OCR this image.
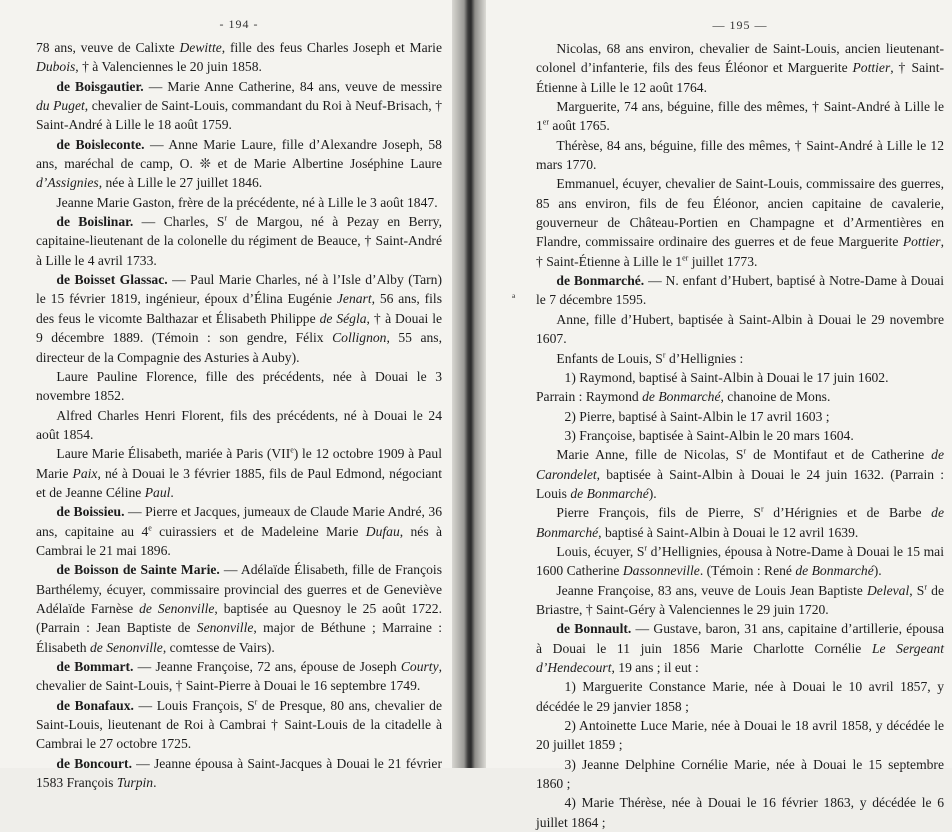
- 194 -

78 ans, veuve de Calixte Dewitte, fille des feus Charles Joseph et Marie Dubois, † à Valenciennes le 20 juin 1858.

de Boisgautier. — Marie Anne Catherine, 84 ans, veuve de messire du Puget, chevalier de Saint-Louis, commandant du Roi à Neuf-Brisach, † Saint-André à Lille le 18 août 1759.

de Boisleconte. — Anne Marie Laure, fille d’Alexandre Joseph, 58 ans, maréchal de camp, O. ❊ et de Marie Albertine Joséphine Laure d’Assignies, née à Lille le 27 juillet 1846.

Jeanne Marie Gaston, frère de la précédente, né à Lille le 3 août 1847.

de Boislinar. — Charles, $S^r$ de Margou, né à Pezay en Berry, capitaine-lieutenant de la colonelle du régiment de Beauce, † Saint-André à Lille le 4 avril 1733.

de Boisset Glassac. — Paul Marie Charles, né à l’Isle d’Alby (Tarn) le 15 février 1819, ingénieur, époux d’Élina Eugénie Jenart, 56 ans, fils des feus le vicomte Balthazar et Élisabeth Philippe de Ségla, † à Douai le 9 décembre 1889. (Témoin : son gendre, Félix Collignon, 55 ans, directeur de la Compagnie des Asturies à Auby).

Laure Pauline Florence, fille des précédents, née à Douai le 3 novembre 1852.

Alfred Charles Henri Florent, fils des précédents, né à Douai le 24 août 1854.

Laure Marie Élisabeth, mariée à Paris (VIIe) le 12 octobre 1909 à Paul Marie Paix, né à Douai le 3 février 1885, fils de Paul Edmond, négociant et de Jeanne Céline Paul.

de Boissieu. — Pierre et Jacques, jumeaux de Claude Marie André, 36 ans, capitaine au 4e cuirassiers et de Madeleine Marie Dufau, nés à Cambrai le 21 mai 1896.

de Boisson de Sainte Marie. — Adélaïde Élisabeth, fille de François Barthélemy, écuyer, commissaire provincial des guerres et de Geneviève Adélaïde Farnèse de Senonville, baptisée au Quesnoy le 25 août 1722. (Parrain : Jean Baptiste de Senonville, major de Béthune ; Marraine : Élisabeth de Senonville, comtesse de Vairs).

de Bommart. — Jeanne Françoise, 72 ans, épouse de Joseph Courty, chevalier de Saint-Louis, † Saint-Pierre à Douai le 16 septembre 1749.

de Bonafaux. — Louis François, $S^r$ de Presque, 80 ans, chevalier de Saint-Louis, lieutenant de Roi à Cambrai † Saint-Louis de la citadelle à Cambrai le 27 octobre 1725.

de Boncourt. — Jeanne épousa à Saint-Jacques à Douai le 21 février 1583 François Turpin.

— 195 —
ª

Nicolas, 68 ans environ, chevalier de Saint-Louis, ancien lieutenant-colonel d’infanterie, fils des feus Éléonor et Marguerite Pottier, † Saint-Étienne à Lille le 12 août 1764.

Marguerite, 74 ans, béguine, fille des mêmes, † Saint-André à Lille le 1er août 1765.

Thérèse, 84 ans, béguine, fille des mêmes, † Saint-André à Lille le 12 mars 1770.

Emmanuel, écuyer, chevalier de Saint-Louis, commissaire des guerres, 85 ans environ, fils de feu Éléonor, ancien capitaine de cavalerie, gouverneur de Château-Portien en Champagne et d’Armentières en Flandre, commissaire ordinaire des guerres et de feue Marguerite Pottier, † Saint-Étienne à Lille le 1er juillet 1773.

de Bonmarché. — N. enfant d’Hubert, baptisé à Notre-Dame à Douai le 7 décembre 1595.

Anne, fille d’Hubert, baptisée à Saint-Albin à Douai le 29 novembre 1607.

Enfants de Louis, $S^r$ d’Hellignies :

1) Raymond, baptisé à Saint-Albin à Douai le 17 juin 1602.

Parrain : Raymond de Bonmarché, chanoine de Mons.

2) Pierre, baptisé à Saint-Albin le 17 avril 1603 ;

3) Françoise, baptisée à Saint-Albin le 20 mars 1604.

Marie Anne, fille de Nicolas, $S^r$ de Montifaut et de Catherine de Carondelet, baptisée à Saint-Albin à Douai le 24 juin 1632. (Parrain : Louis de Bonmarché).

Pierre François, fils de Pierre, $S^r$ d’Hérignies et de Barbe de Bonmarché, baptisé à Saint-Albin à Douai le 12 avril 1639.

Louis, écuyer, $S^r$ d’Hellignies, épousa à Notre-Dame à Douai le 15 mai 1600 Catherine Dassonneville. (Témoin : René de Bonmarché).

Jeanne Françoise, 83 ans, veuve de Louis Jean Baptiste Deleval, $S^r$ de Briastre, † Saint-Géry à Valenciennes le 29 juin 1720.

de Bonnault. — Gustave, baron, 31 ans, capitaine d’artillerie, épousa à Douai le 11 juin 1856 Marie Charlotte Cornélie Le Sergeant d’Hendecourt, 19 ans ; il eut :

1) Marguerite Constance Marie, née à Douai le 10 avril 1857, y décédée le 29 janvier 1858 ;

2) Antoinette Luce Marie, née à Douai le 18 avril 1858, y décédée le 20 juillet 1859 ;

3) Jeanne Delphine Cornélie Marie, née à Douai le 15 septembre 1860 ;

4) Marie Thérèse, née à Douai le 16 février 1863, y décédée le 6 juillet 1864 ;
